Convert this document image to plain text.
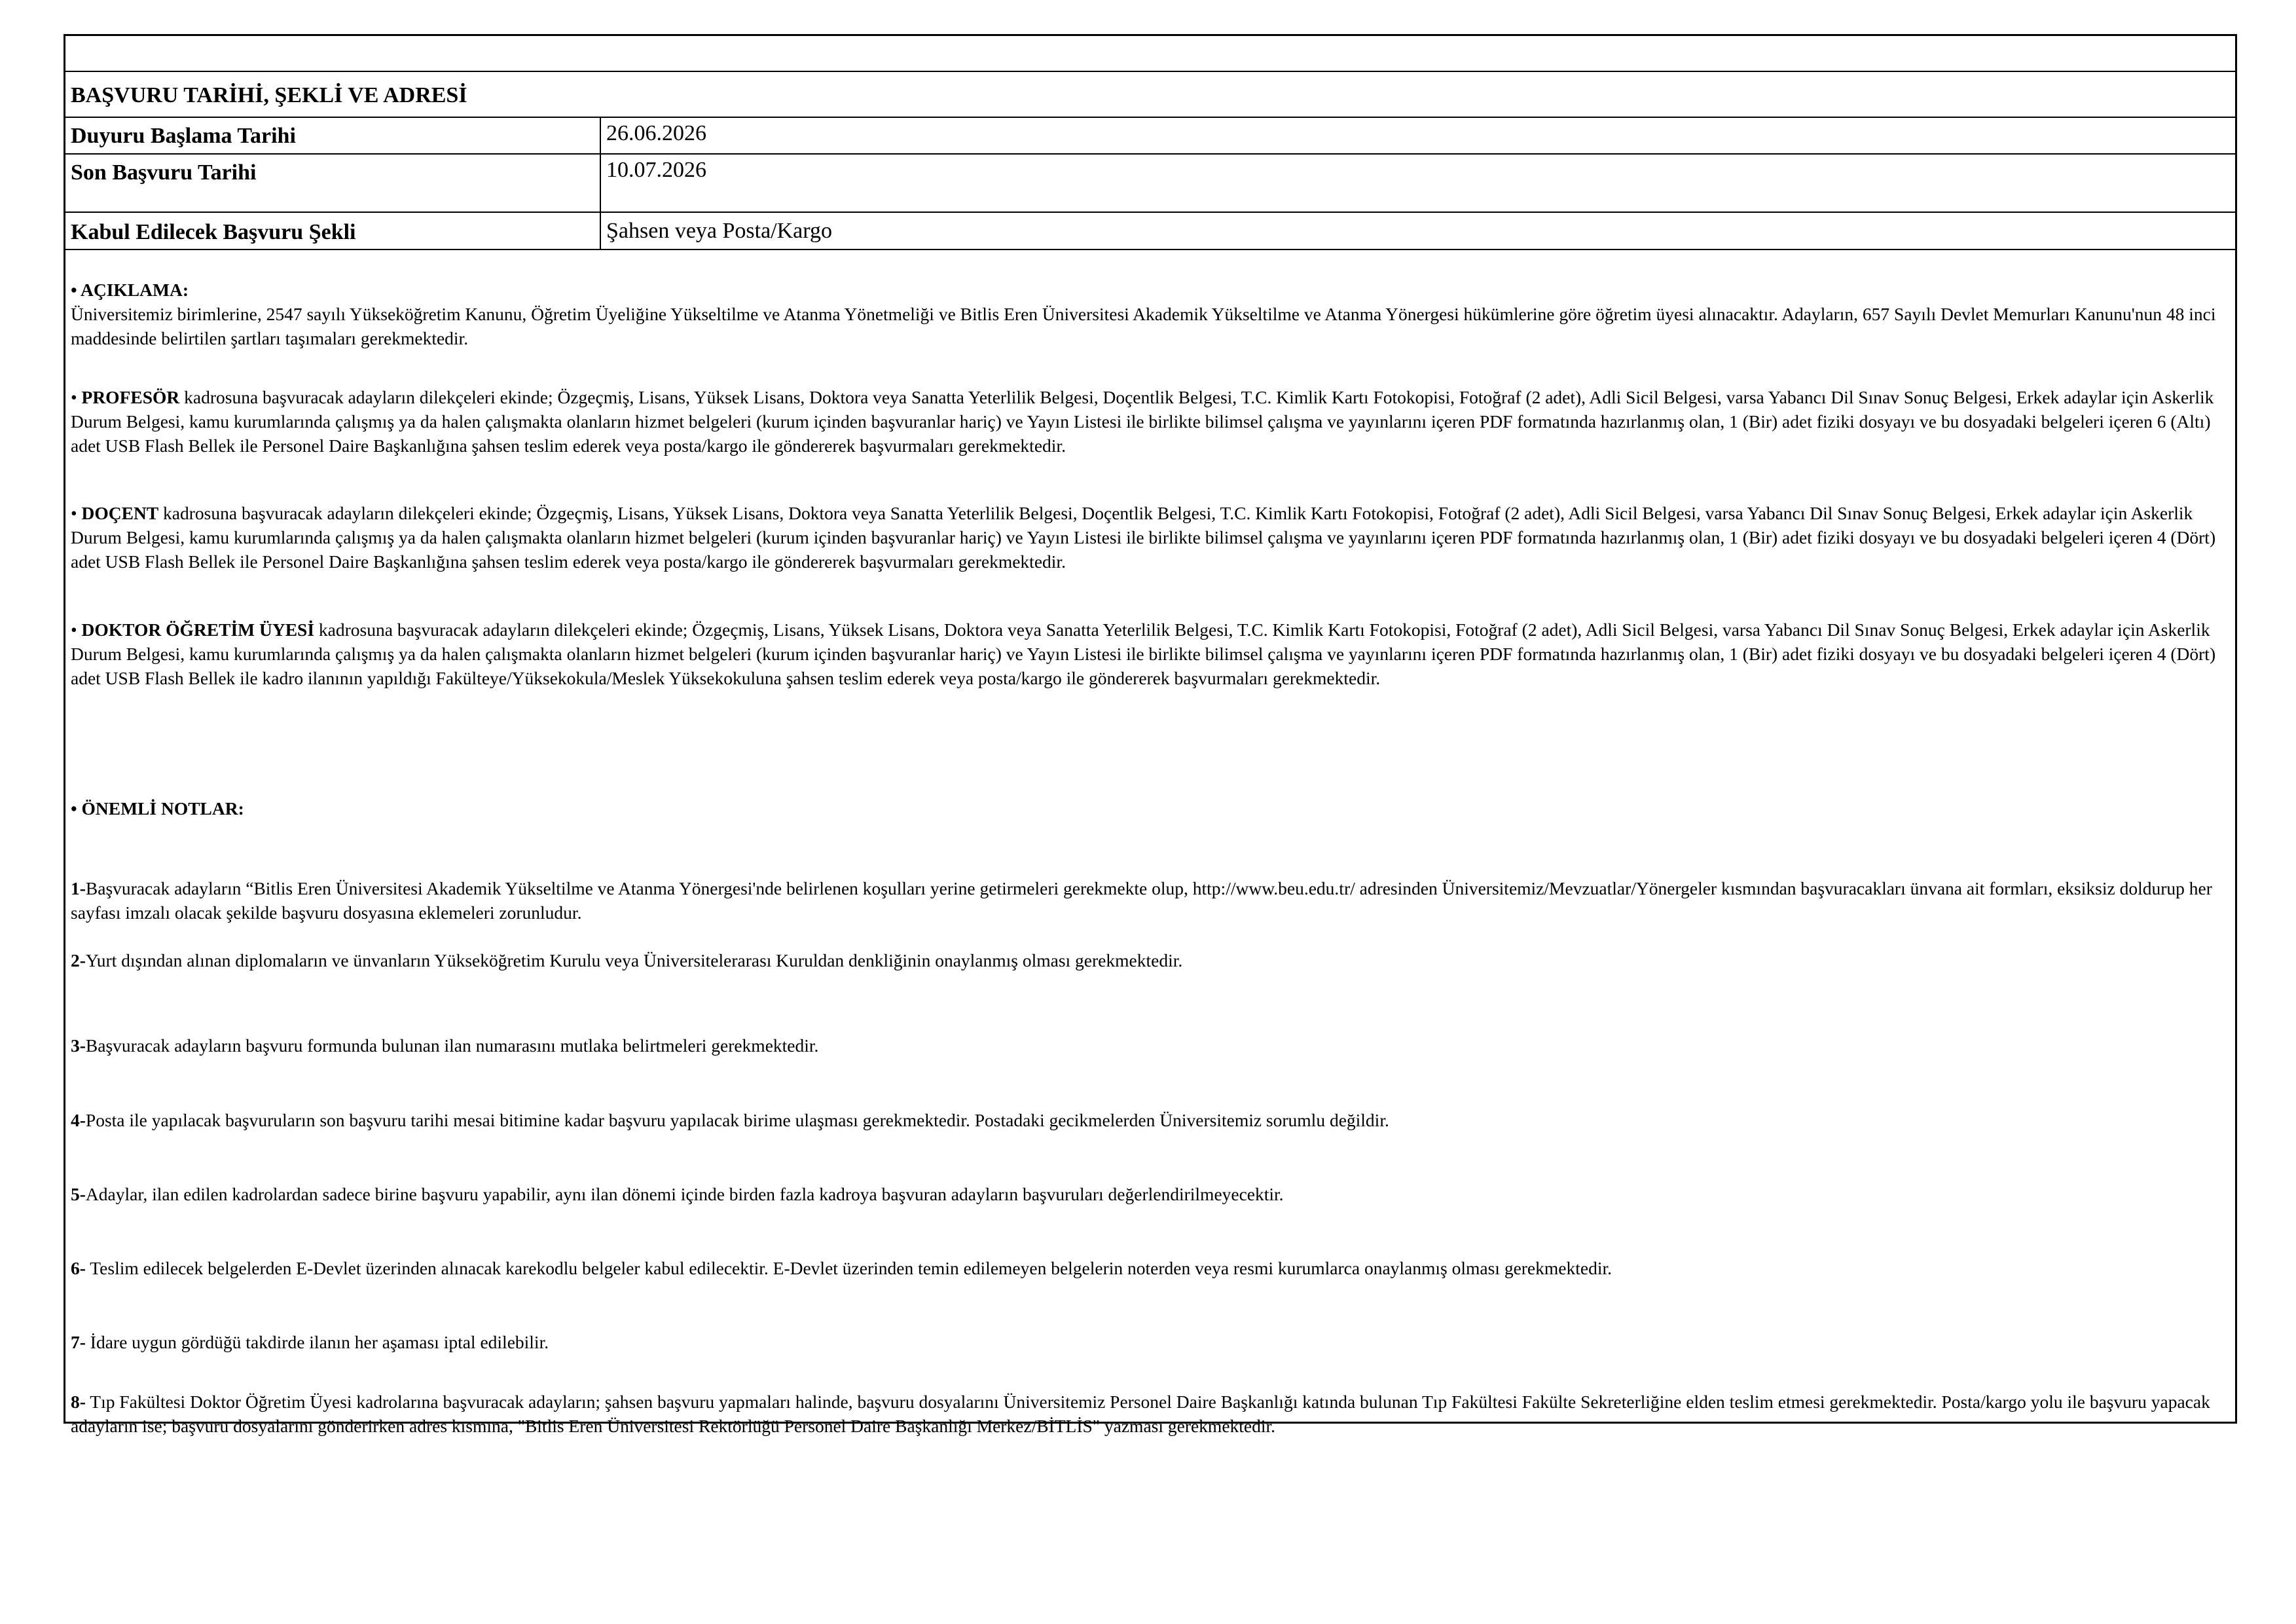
BAŞVURU TARİHİ, ŞEKLİ VE ADRESİ
Duyuru Başlama Tarihi	26.06.2026
Son Başvuru Tarihi	10.07.2026
Kabul Edilecek Başvuru Şekli	Şahsen veya Posta/Kargo
• AÇIKLAMA:
Üniversitemiz birimlerine, 2547 sayılı Yükseköğretim Kanunu, Öğretim Üyeliğine Yükseltilme ve Atanma Yönetmeliği ve Bitlis Eren Üniversitesi Akademik Yükseltilme ve Atanma Yönergesi hükümlerine göre öğretim üyesi alınacaktır. Adayların, 657 Sayılı Devlet Memurları Kanunu'nun 48 inci maddesinde belirtilen şartları taşımaları gerekmektedir.
• PROFESÖR kadrosuna başvuracak adayların dilekçeleri ekinde; Özgeçmiş, Lisans, Yüksek Lisans, Doktora veya Sanatta Yeterlilik Belgesi, Doçentlik Belgesi, T.C. Kimlik Kartı Fotokopisi, Fotoğraf (2 adet), Adli Sicil Belgesi, varsa Yabancı Dil Sınav Sonuç Belgesi, Erkek adaylar için Askerlik Durum Belgesi, kamu kurumlarında çalışmış ya da halen çalışmakta olanların hizmet belgeleri (kurum içinden başvuranlar hariç) ve Yayın Listesi ile birlikte bilimsel çalışma ve yayınlarını içeren PDF formatında hazırlanmış olan, 1 (Bir) adet fiziki dosyayı ve bu dosyadaki belgeleri içeren 6 (Altı) adet USB Flash Bellek ile Personel Daire Başkanlığına şahsen teslim ederek veya posta/kargo ile göndererek başvurmaları gerekmektedir.
• DOÇENT kadrosuna başvuracak adayların dilekçeleri ekinde; Özgeçmiş, Lisans, Yüksek Lisans, Doktora veya Sanatta Yeterlilik Belgesi, Doçentlik Belgesi, T.C. Kimlik Kartı Fotokopisi, Fotoğraf (2 adet), Adli Sicil Belgesi, varsa Yabancı Dil Sınav Sonuç Belgesi, Erkek adaylar için Askerlik Durum Belgesi, kamu kurumlarında çalışmış ya da halen çalışmakta olanların hizmet belgeleri (kurum içinden başvuranlar hariç) ve Yayın Listesi ile birlikte bilimsel çalışma ve yayınlarını içeren PDF formatında hazırlanmış olan, 1 (Bir) adet fiziki dosyayı ve bu dosyadaki belgeleri içeren 4 (Dört) adet USB Flash Bellek ile Personel Daire Başkanlığına şahsen teslim ederek veya posta/kargo ile göndererek başvurmaları gerekmektedir.
• DOKTOR ÖĞRETİM ÜYESİ kadrosuna başvuracak adayların dilekçeleri ekinde; Özgeçmiş, Lisans, Yüksek Lisans, Doktora veya Sanatta Yeterlilik Belgesi, T.C. Kimlik Kartı Fotokopisi, Fotoğraf (2 adet), Adli Sicil Belgesi, varsa Yabancı Dil Sınav Sonuç Belgesi, Erkek adaylar için Askerlik Durum Belgesi, kamu kurumlarında çalışmış ya da halen çalışmakta olanların hizmet belgeleri (kurum içinden başvuranlar hariç) ve Yayın Listesi ile birlikte bilimsel çalışma ve yayınlarını içeren PDF formatında hazırlanmış olan, 1 (Bir) adet fiziki dosyayı ve bu dosyadaki belgeleri içeren 4 (Dört) adet USB Flash Bellek ile kadro ilanının yapıldığı Fakülteye/Yüksekokula/Meslek Yüksekokuluna şahsen teslim ederek veya posta/kargo ile göndererek başvurmaları gerekmektedir.
• ÖNEMLİ NOTLAR:
1-Başvuracak adayların “Bitlis Eren Üniversitesi Akademik Yükseltilme ve Atanma Yönergesi'nde belirlenen koşulları yerine getirmeleri gerekmekte olup, http://www.beu.edu.tr/ adresinden Üniversitemiz/Mevzuatlar/Yönergeler kısmından başvuracakları ünvana ait formları, eksiksiz doldurup her sayfası imzalı olacak şekilde başvuru dosyasına eklemeleri zorunludur.
2-Yurt dışından alınan diplomaların ve ünvanların Yükseköğretim Kurulu veya Üniversitelerarası Kuruldan denkliğinin onaylanmış olması gerekmektedir.
3-Başvuracak adayların başvuru formunda bulunan ilan numarasını mutlaka belirtmeleri gerekmektedir.
4-Posta ile yapılacak başvuruların son başvuru tarihi mesai bitimine kadar başvuru yapılacak birime ulaşması gerekmektedir. Postadaki gecikmelerden Üniversitemiz sorumlu değildir.
5-Adaylar, ilan edilen kadrolardan sadece birine başvuru yapabilir, aynı ilan dönemi içinde birden fazla kadroya başvuran adayların başvuruları değerlendirilmeyecektir.
6- Teslim edilecek belgelerden E-Devlet üzerinden alınacak karekodlu belgeler kabul edilecektir. E-Devlet üzerinden temin edilemeyen belgelerin noterden veya resmi kurumlarca onaylanmış olması gerekmektedir.
7- İdare uygun gördüğü takdirde ilanın her aşaması iptal edilebilir.
8- Tıp Fakültesi Doktor Öğretim Üyesi kadrolarına başvuracak adayların; şahsen başvuru yapmaları halinde, başvuru dosyalarını Üniversitemiz Personel Daire Başkanlığı katında bulunan Tıp Fakültesi Fakülte Sekreterliğine elden teslim etmesi gerekmektedir. Posta/kargo yolu ile başvuru yapacak adayların ise; başvuru dosyalarını gönderirken adres kısmına, "Bitlis Eren Üniversitesi Rektörlüğü Personel Daire Başkanlığı Merkez/BİTLİS" yazması gerekmektedir.
